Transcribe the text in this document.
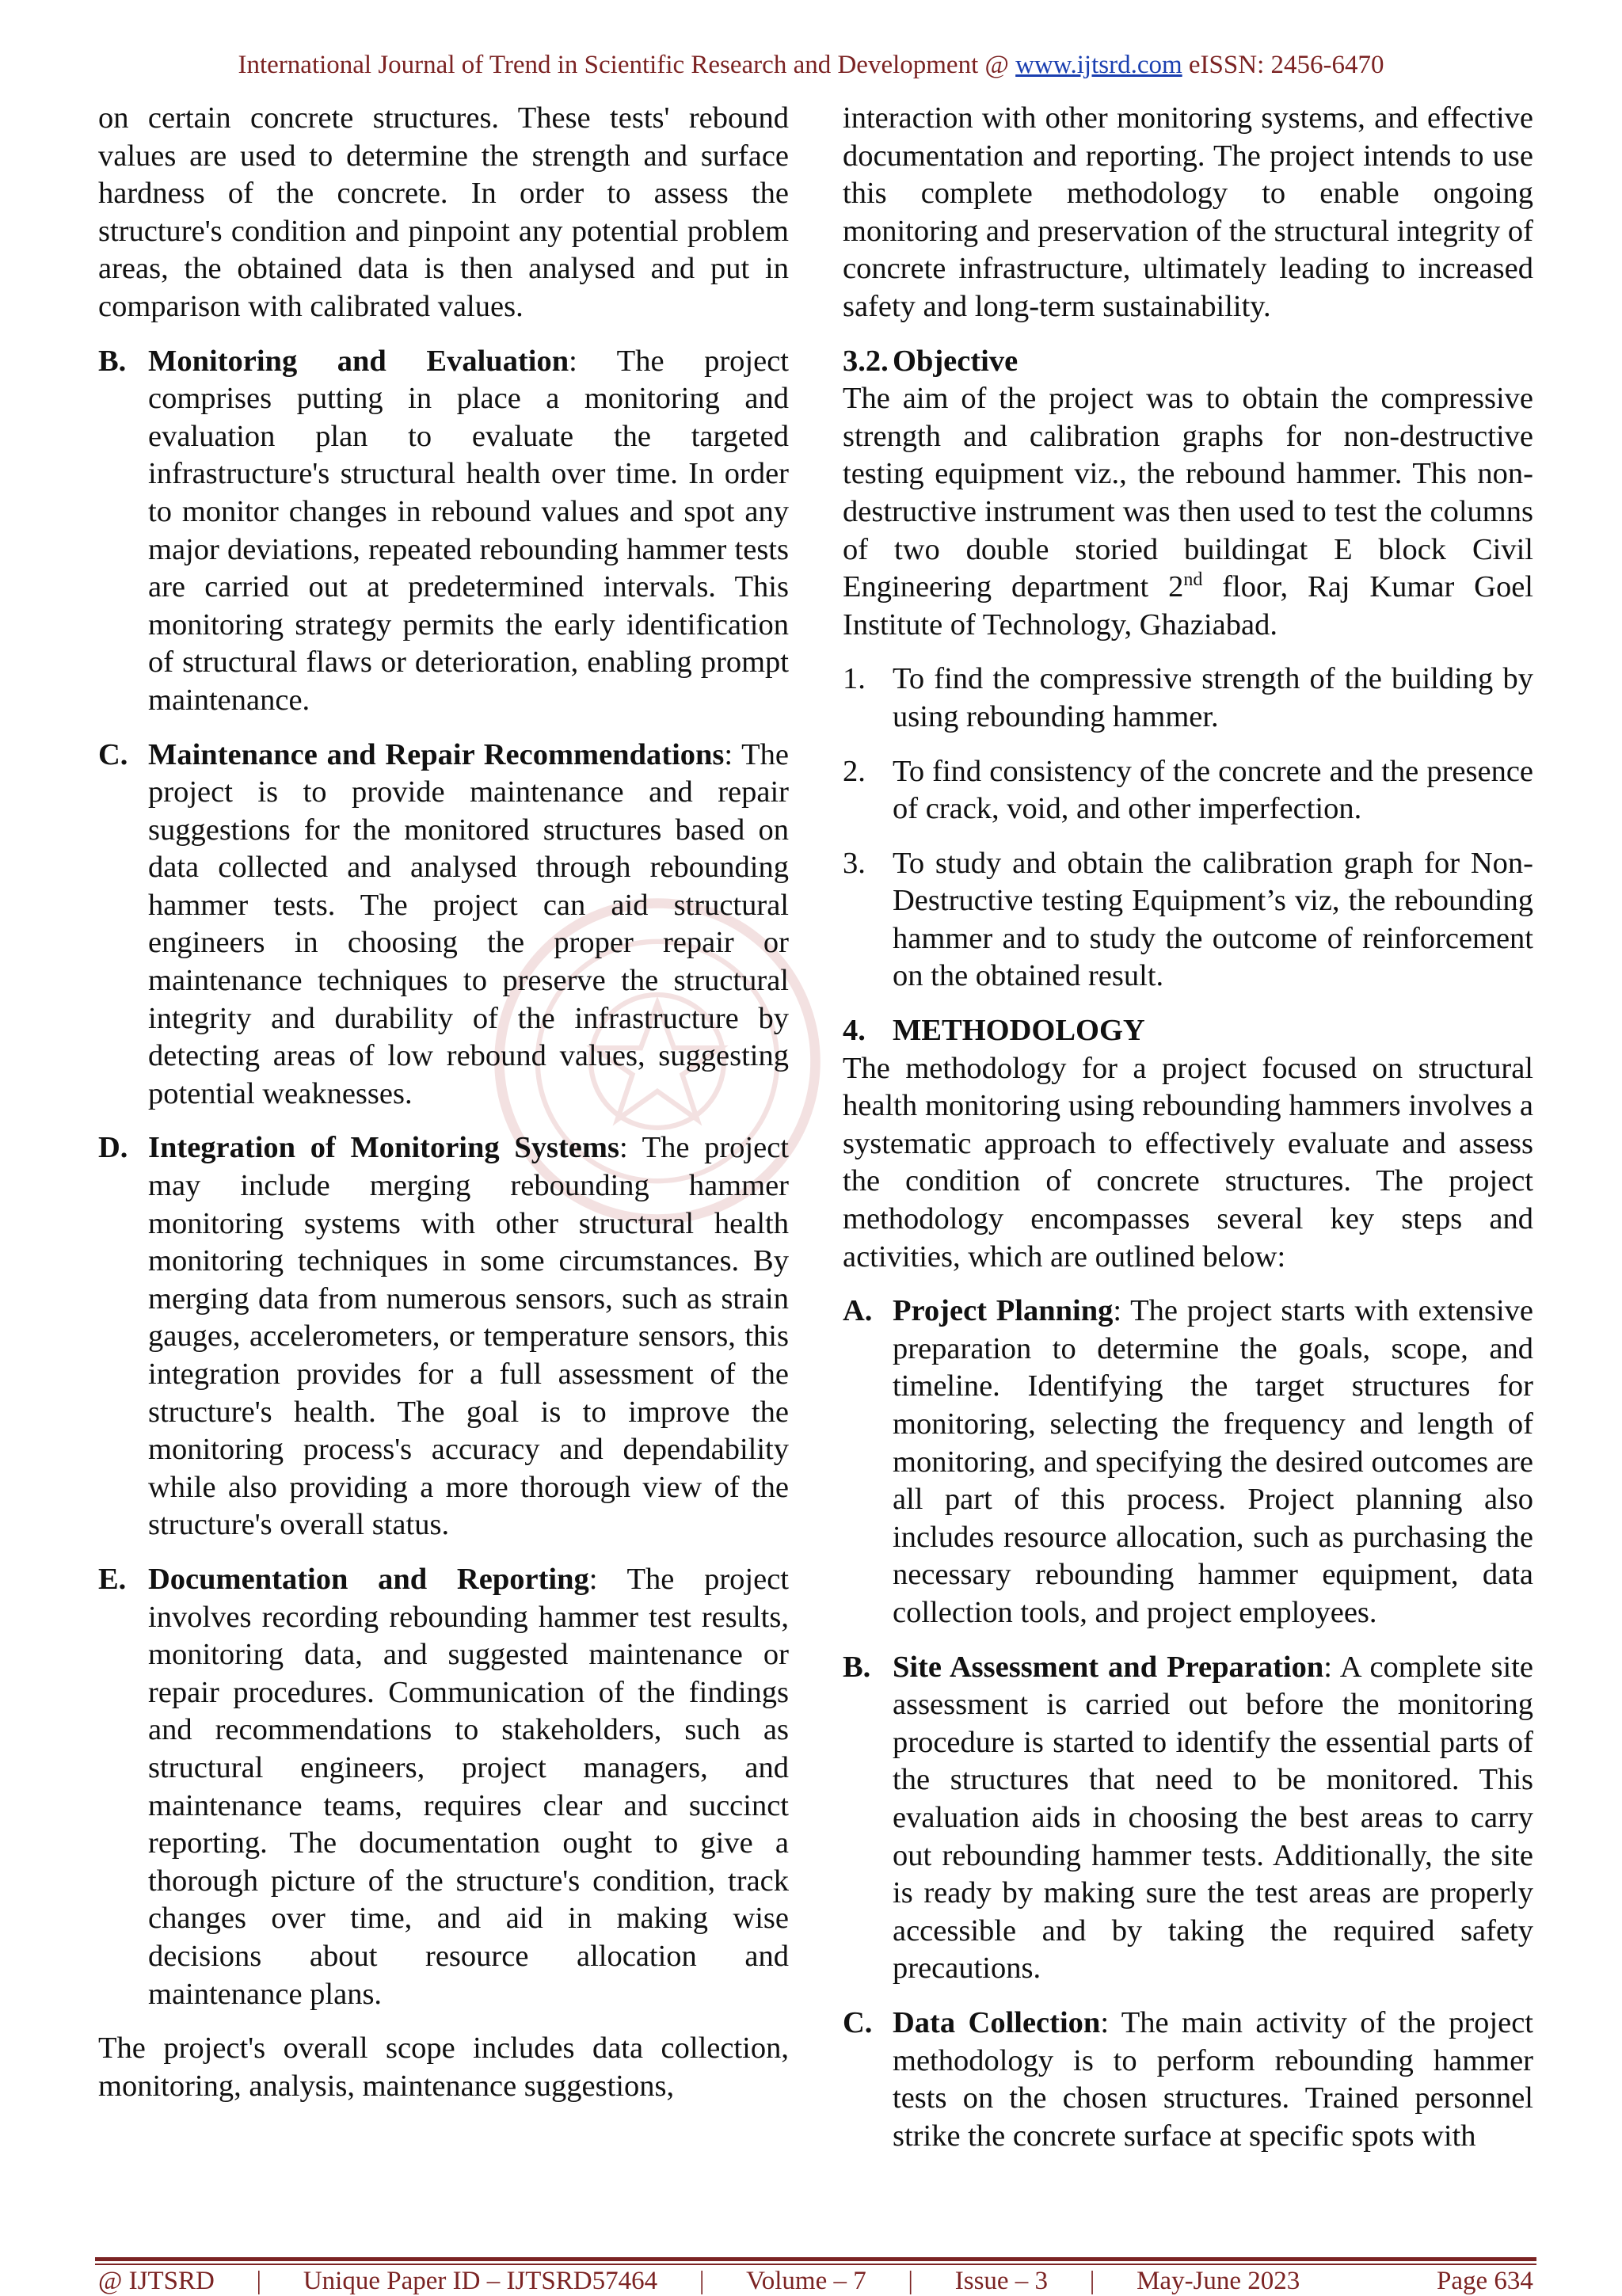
International Journal of Trend in Scientific Research and Development @ www.ijtsrd.com eISSN: 2456-6470

on certain concrete structures. These tests' rebound values are used to determine the strength and surface hardness of the concrete. In order to assess the structure's condition and pinpoint any potential problem areas, the obtained data is then analysed and put in comparison with calibrated values.

B. Monitoring and Evaluation: The project comprises putting in place a monitoring and evaluation plan to evaluate the targeted infrastructure's structural health over time. In order to monitor changes in rebound values and spot any major deviations, repeated rebounding hammer tests are carried out at predetermined intervals. This monitoring strategy permits the early identification of structural flaws or deterioration, enabling prompt maintenance.
C. Maintenance and Repair Recommendations: The project is to provide maintenance and repair suggestions for the monitored structures based on data collected and analysed through rebounding hammer tests. The project can aid structural engineers in choosing the proper repair or maintenance techniques to preserve the structural integrity and durability of the infrastructure by detecting areas of low rebound values, suggesting potential weaknesses.
D. Integration of Monitoring Systems: The project may include merging rebounding hammer monitoring systems with other structural health monitoring techniques in some circumstances. By merging data from numerous sensors, such as strain gauges, accelerometers, or temperature sensors, this integration provides for a full assessment of the structure's health. The goal is to improve the monitoring process's accuracy and dependability while also providing a more thorough view of the structure's overall status.
E. Documentation and Reporting: The project involves recording rebounding hammer test results, monitoring data, and suggested maintenance or repair procedures. Communication of the findings and recommendations to stakeholders, such as structural engineers, project managers, and maintenance teams, requires clear and succinct reporting. The documentation ought to give a thorough picture of the structure's condition, track changes over time, and aid in making wise decisions about resource allocation and maintenance plans.

The project's overall scope includes data collection, monitoring, analysis, maintenance suggestions,

interaction with other monitoring systems, and effective documentation and reporting. The project intends to use this complete methodology to enable ongoing monitoring and preservation of the structural integrity of concrete infrastructure, ultimately leading to increased safety and long-term sustainability.

3.2. Objective

The aim of the project was to obtain the compressive strength and calibration graphs for non-destructive testing equipment viz., the rebound hammer. This non-destructive instrument was then used to test the columns of two double storied buildingat E block Civil Engineering department 2nd floor, Raj Kumar Goel Institute of Technology, Ghaziabad.

1. To find the compressive strength of the building by using rebounding hammer.
2. To find consistency of the concrete and the presence of crack, void, and other imperfection.
3. To study and obtain the calibration graph for Non-Destructive testing Equipment’s viz, the rebounding hammer and to study the outcome of reinforcement on the obtained result.
4. METHODOLOGY

The methodology for a project focused on structural health monitoring using rebounding hammers involves a systematic approach to effectively evaluate and assess the condition of concrete structures. The project methodology encompasses several key steps and activities, which are outlined below:

A. Project Planning: The project starts with extensive preparation to determine the goals, scope, and timeline. Identifying the target structures for monitoring, selecting the frequency and length of monitoring, and specifying the desired outcomes are all part of this process. Project planning also includes resource allocation, such as purchasing the necessary rebounding hammer equipment, data collection tools, and project employees.
B. Site Assessment and Preparation: A complete site assessment is carried out before the monitoring procedure is started to identify the essential parts of the structures that need to be monitored. This evaluation aids in choosing the best areas to carry out rebounding hammer tests. Additionally, the site is ready by making sure the test areas are properly accessible and by taking the required safety precautions.
C. Data Collection: The main activity of the project methodology is to perform rebounding hammer tests on the chosen structures. Trained personnel strike the concrete surface at specific spots with
@ IJTSRD | Unique Paper ID – IJTSRD57464 | Volume – 7 | Issue – 3 | May-June 2023	Page 634
